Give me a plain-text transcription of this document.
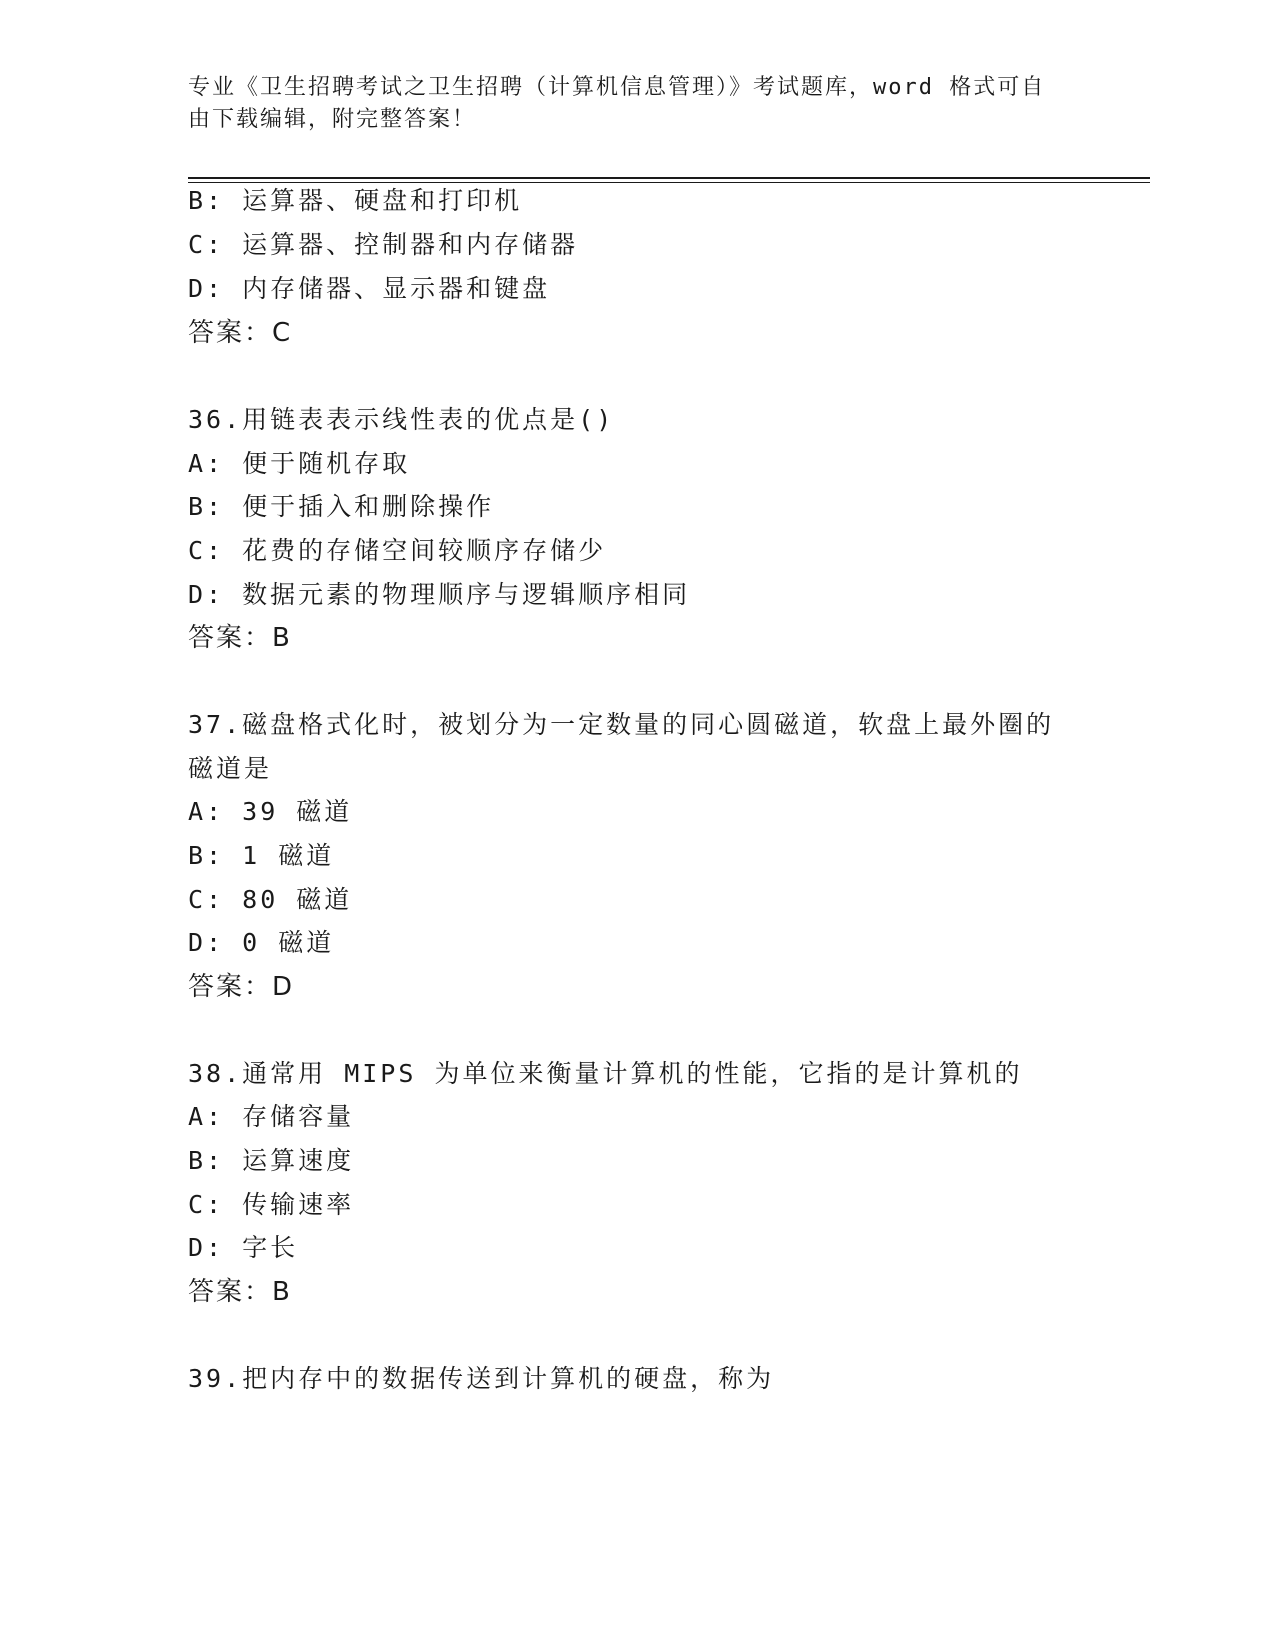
专业《卫生招聘考试之卫生招聘（计算机信息管理）》考试题库，word 格式可自
由下载编辑，附完整答案！
B: 运算器、硬盘和打印机
C: 运算器、控制器和内存储器
D: 内存储器、显示器和键盘
答案：C
36.用链表表示线性表的优点是()
A: 便于随机存取
B: 便于插入和删除操作
C: 花费的存储空间较顺序存储少
D: 数据元素的物理顺序与逻辑顺序相同
答案：B
37.磁盘格式化时，被划分为一定数量的同心圆磁道，软盘上最外圈的
磁道是
A: 39 磁道
B: 1 磁道
C: 80 磁道
D: 0 磁道
答案：D
38.通常用 MIPS 为单位来衡量计算机的性能，它指的是计算机的
A: 存储容量
B: 运算速度
C: 传输速率
D: 字长
答案：B
39.把内存中的数据传送到计算机的硬盘，称为
